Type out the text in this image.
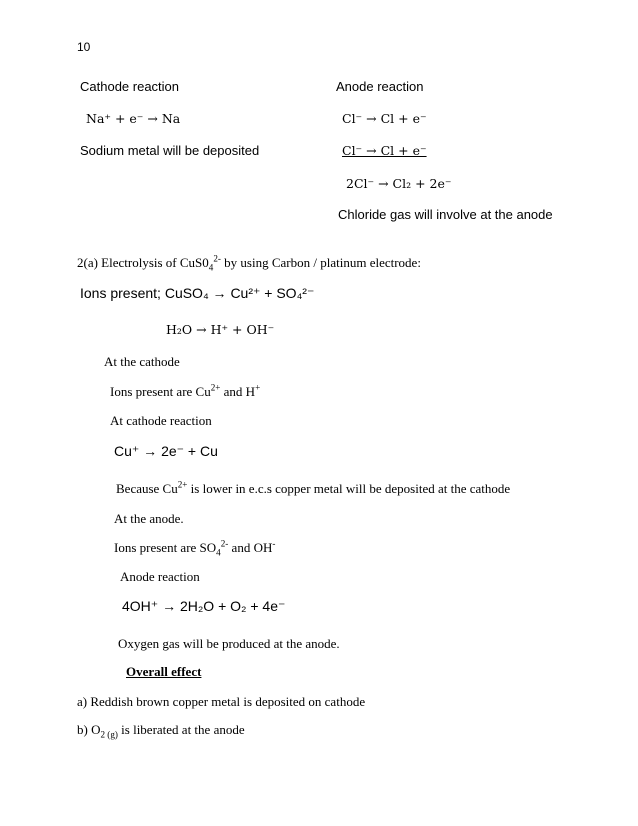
10
Cathode reaction
Na⁺ + e⁻ → Na
Sodium metal will be deposited
Anode reaction
Cl⁻ → Cl + e⁻
Cl⁻ → Cl + e⁻
2Cl⁻ → Cl₂ + 2e⁻
Chloride gas will involve at the anode
2(a) Electrolysis of $CuS0_4^{2-}$ by using Carbon / platinum electrode:
Ions present; CuSO₄ → Cu²⁺ + SO₄²⁻
H₂O → H⁺ + OH⁻
At the cathode
Ions present are $Cu^{2+}$ and H+
At cathode reaction
Cu⁺ → 2e⁻ + Cu
Because $Cu^{2+}$ is lower in e.c.s copper metal will be deposited at the cathode
At the anode.
Ions present are $SO_4^{2-}$ and OH-
Anode reaction
4OH⁺ → 2H₂O + O₂ + 4e⁻
Oxygen gas will be produced at the anode.
Overall effect
a) Reddish brown copper metal is deposited on cathode
b) $O_{2 (g)}$ is liberated at the anode
